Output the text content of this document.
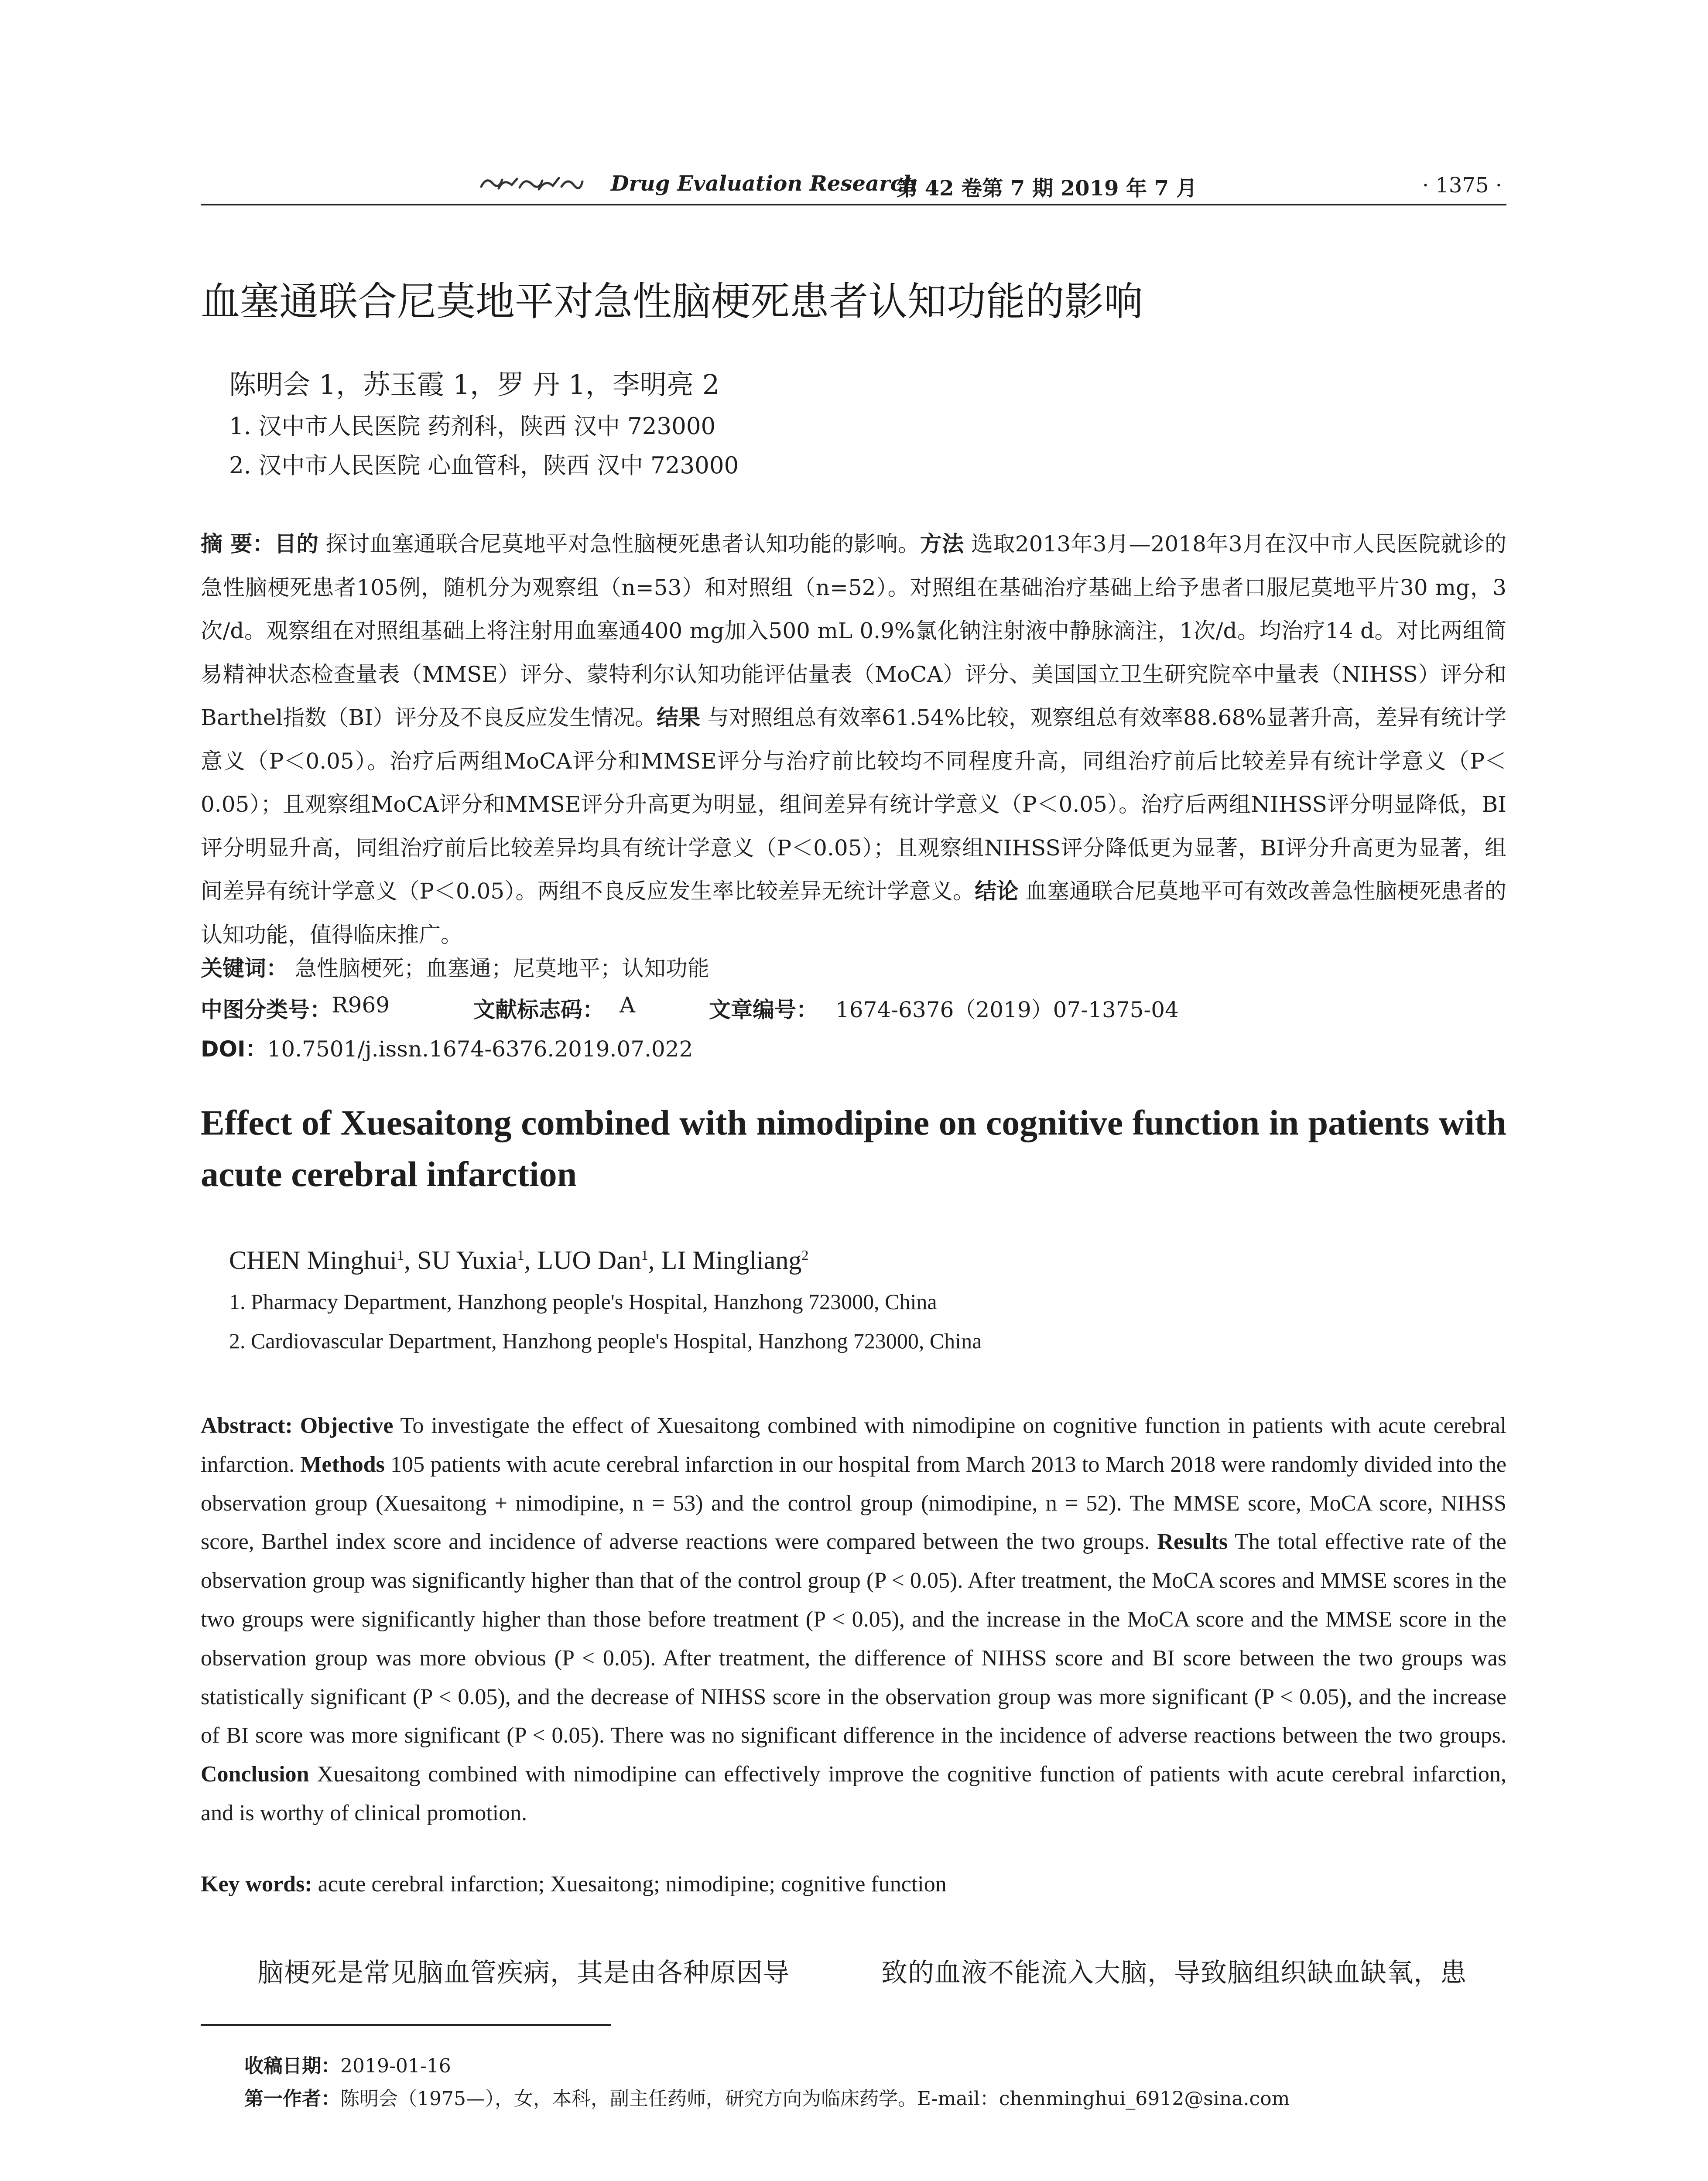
Drug Evaluation Research
第 42 卷第 7 期 2019 年 7 月	· 1375 ·
血塞通联合尼莫地平对急性脑梗死患者认知功能的影响
陈明会 1，苏玉霞 1，罗 丹 1，李明亮 2
1. 汉中市人民医院 药剂科，陕西 汉中 723000
2. 汉中市人民医院 心血管科，陕西 汉中 723000
摘 要：目的 探讨血塞通联合尼莫地平对急性脑梗死患者认知功能的影响。方法 选取2013年3月—2018年3月在汉中市人民医院就诊的急性脑梗死患者105例，随机分为观察组（n=53）和对照组（n=52）。对照组在基础治疗基础上给予患者口服尼莫地平片30 mg，3次/d。观察组在对照组基础上将注射用血塞通400 mg加入500 mL 0.9%氯化钠注射液中静脉滴注，1次/d。均治疗14 d。对比两组简易精神状态检查量表（MMSE）评分、蒙特利尔认知功能评估量表（MoCA）评分、美国国立卫生研究院卒中量表（NIHSS）评分和Barthel指数（BI）评分及不良反应发生情况。结果 与对照组总有效率61.54%比较，观察组总有效率88.68%显著升高，差异有统计学意义（P＜0.05）。治疗后两组MoCA评分和MMSE评分与治疗前比较均不同程度升高，同组治疗前后比较差异有统计学意义（P＜0.05）；且观察组MoCA评分和MMSE评分升高更为明显，组间差异有统计学意义（P＜0.05）。治疗后两组NIHSS评分明显降低，BI评分明显升高，同组治疗前后比较差异均具有统计学意义（P＜0.05）；且观察组NIHSS评分降低更为显著，BI评分升高更为显著，组间差异有统计学意义（P＜0.05）。两组不良反应发生率比较差异无统计学意义。结论 血塞通联合尼莫地平可有效改善急性脑梗死患者的认知功能，值得临床推广。
关键词： 急性脑梗死；血塞通；尼莫地平；认知功能
中图分类号： R969	文献标志码： A	文章编号： 1674-6376（2019）07-1375-04
DOI：10.7501/j.issn.1674-6376.2019.07.022
Effect of Xuesaitong combined with nimodipine on cognitive function in patients with acute cerebral infarction
CHEN Minghui$^1$, SU Yuxia$^1$, LUO Dan$^1$, LI Mingliang$^2$
1. Pharmacy Department, Hanzhong people's Hospital, Hanzhong 723000, China
2. Cardiovascular Department, Hanzhong people's Hospital, Hanzhong 723000, China
Abstract: Objective To investigate the effect of Xuesaitong combined with nimodipine on cognitive function in patients with acute cerebral infarction. Methods 105 patients with acute cerebral infarction in our hospital from March 2013 to March 2018 were randomly divided into the observation group (Xuesaitong + nimodipine, n = 53) and the control group (nimodipine, n = 52). The MMSE score, MoCA score, NIHSS score, Barthel index score and incidence of adverse reactions were compared between the two groups. Results The total effective rate of the observation group was significantly higher than that of the control group (P < 0.05). After treatment, the MoCA scores and MMSE scores in the two groups were significantly higher than those before treatment (P < 0.05), and the increase in the MoCA score and the MMSE score in the observation group was more obvious (P < 0.05). After treatment, the difference of NIHSS score and BI score between the two groups was statistically significant (P < 0.05), and the decrease of NIHSS score in the observation group was more significant (P < 0.05), and the increase of BI score was more significant (P < 0.05). There was no significant difference in the incidence of adverse reactions between the two groups. Conclusion Xuesaitong combined with nimodipine can effectively improve the cognitive function of patients with acute cerebral infarction, and is worthy of clinical promotion.
Key words: acute cerebral infarction; Xuesaitong; nimodipine; cognitive function
脑梗死是常见脑血管疾病，其是由各种原因导	致的血液不能流入大脑，导致脑组织缺血缺氧，患
收稿日期：2019-01-16
第一作者：陈明会（1975—），女，本科，副主任药师，研究方向为临床药学。E-mail：chenminghui_6912@sina.com
